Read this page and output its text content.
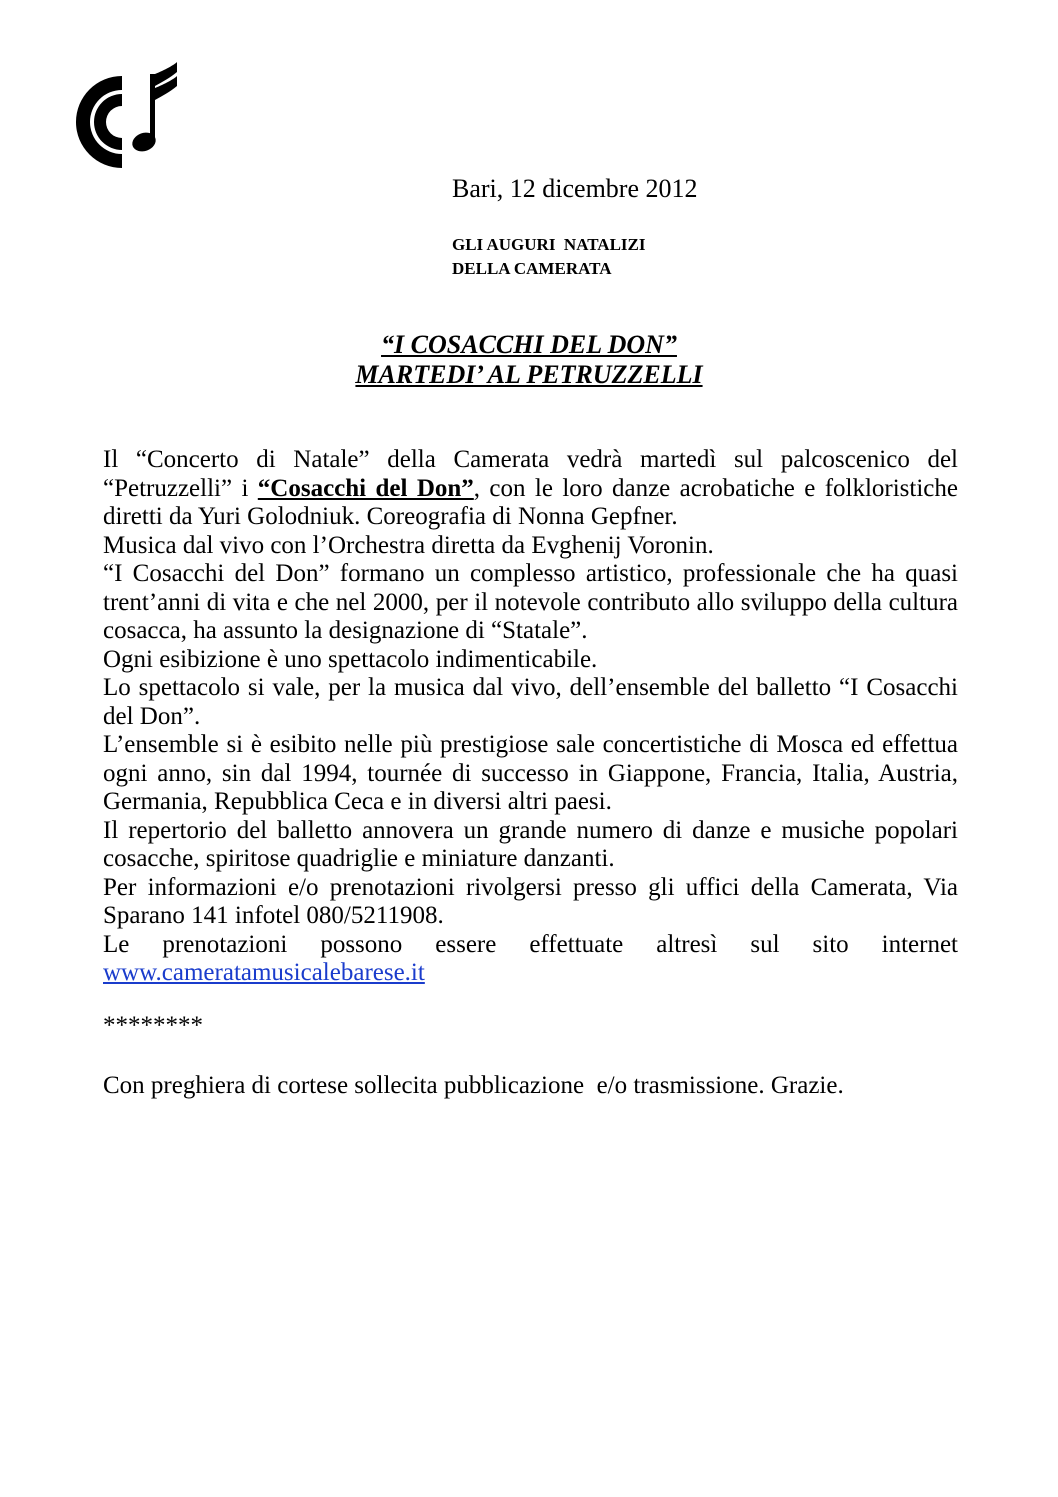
Bari, 12 dicembre 2012
GLI AUGURI  NATALIZI
DELLA CAMERATA
“I COSACCHI DEL DON”
MARTEDI’ AL PETRUZZELLI

Il “Concerto di Natale” della Camerata vedrà martedì sul palcoscenico del “Petruzzelli” i “Cosacchi del Don”, con le loro danze acrobatiche e folkloristiche diretti da Yuri Golodniuk. Coreografia di Nonna Gepfner.

Musica dal vivo con l’Orchestra diretta da Evghenij Voronin.

“I Cosacchi del Don” formano un complesso artistico, professionale che ha quasi trent’anni di vita e che nel 2000, per il notevole contributo allo sviluppo della cultura cosacca, ha assunto la designazione di “Statale”.

Ogni esibizione è uno spettacolo indimenticabile.

Lo spettacolo si vale, per la musica dal vivo, dell’ensemble del balletto “I Cosacchi del Don”.

L’ensemble si è esibito nelle più prestigiose sale concertistiche di Mosca ed effettua ogni anno, sin dal 1994, tournée di successo in Giappone, Francia, Italia, Austria, Germania, Repubblica Ceca e in diversi altri paesi.

Il repertorio del balletto annovera un grande numero di danze e musiche popolari cosacche, spiritose quadriglie e miniature danzanti.

Per informazioni e/o prenotazioni rivolgersi presso gli uffici della Camerata, Via Sparano 141 infotel 080/5211908.

Le prenotazioni possono essere effettuate altresì sul sito internet

www.cameratamusicalebarese.it

********
Con preghiera di cortese sollecita pubblicazione  e/o trasmissione. Grazie.
